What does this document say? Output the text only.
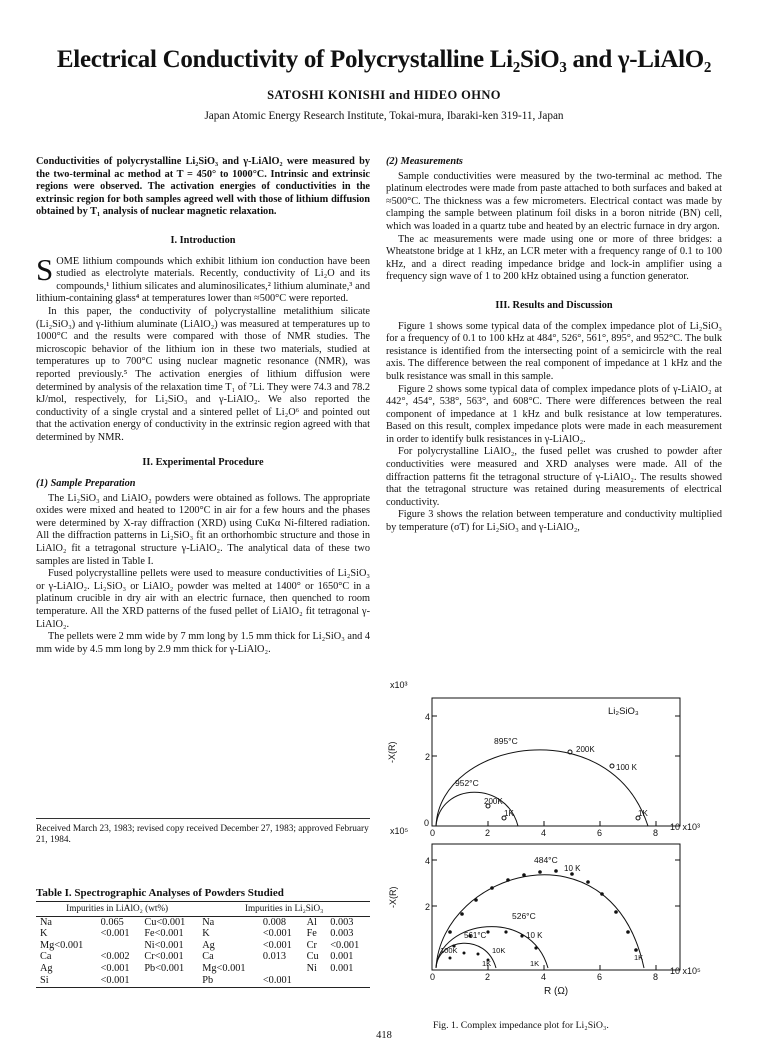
Electrical Conductivity of Polycrystalline Li₂SiO₃ and γ-LiAlO₂
SATOSHI KONISHI and HIDEO OHNO
Japan Atomic Energy Research Institute, Tokai-mura, Ibaraki-ken 319-11, Japan
Conductivities of polycrystalline Li₂SiO₃ and γ-LiAlO₂ were measured by the two-terminal ac method at T = 450° to 1000°C. Intrinsic and extrinsic regions were observed. The activation energies of conductivities in the extrinsic region for both samples agreed well with those of lithium diffusion obtained by T₁ analysis of nuclear magnetic relaxation.
I. Introduction

SOME lithium compounds which exhibit lithium ion conduction have been studied as electrolyte materials. Recently, conductivity of Li₂O and its compounds,¹ lithium silicates and aluminosilicates,² lithium aluminate,³ and lithium-containing glass⁴ at temperatures lower than ≈500°C were reported.

In this paper, the conductivity of polycrystalline metalithium silicate (Li₂SiO₃) and γ-lithium aluminate (LiAlO₂) was measured at temperatures up to 1000°C and the results were compared with those of NMR studies. The microscopic behavior of the lithium ion in these two materials, studied at temperatures up to 700°C using nuclear magnetic resonance (NMR), was reported previously.⁵ The activation energies of lithium diffusion were determined by analysis of the relaxation time T₁ of ⁷Li. They were 74.3 and 78.2 kJ/mol, respectively, for Li₂SiO₃ and γ-LiAlO₂. We also reported the conductivity of a single crystal and a sintered pellet of Li₂O⁶ and pointed out that the activation energy of conductivity in the extrinsic region agreed with that determined by NMR.

II. Experimental Procedure
(1) Sample Preparation

The Li₂SiO₃ and LiAlO₂ powders were obtained as follows. The appropriate oxides were mixed and heated to 1200°C in air for a few hours and the phases were determined by X-ray diffraction (XRD) using CuKα Ni-filtered radiation. All the diffraction patterns in Li₂SiO₃ fit an orthorhombic structure and those in LiAlO₂ fit a tetragonal structure γ-LiAlO₂. The analytical data of these two samples are listed in Table I.

Fused polycrystalline pellets were used to measure conductivities of Li₂SiO₃ or γ-LiAlO₂. Li₂SiO₃ or LiAlO₂ powder was melted at 1400° or 1650°C in a platinum crucible in dry air with an electric furnace, then quenched to room temperature. All the XRD patterns of the fused pellet of LiAlO₂ fit tetragonal γ-LiAlO₂.

The pellets were 2 mm wide by 7 mm long by 1.5 mm thick for Li₂SiO₃ and 4 mm wide by 4.5 mm long by 2.9 mm thick for γ-LiAlO₂.

Received March 23, 1983; revised copy received December 27, 1983; approved February 21, 1984.
Table I. Spectrographic Analyses of Powders Studied
Impurities in LiAlO₂ (wt%)			Impurities in Li₂SiO₃			
Na	0.065	Cu<0.001	Na	0.008	Al	0.003
K	<0.001	Fe<0.001	K	<0.001	Fe	0.003
Mg<0.001		Ni<0.001	Ag	<0.001	Cr	<0.001
Ca	<0.002	Cr<0.001	Ca	0.013	Cu	0.001
Ag	<0.001	Pb<0.001	Mg<0.001		Ni	0.001
Si	<0.001		Pb	<0.001		
(2) Measurements

Sample conductivities were measured by the two-terminal ac method. The platinum electrodes were made from paste attached to both surfaces and baked at ≈500°C. The thickness was a few micrometers. Electrical contact was made by clamping the sample between platinum foil disks in a boron nitride (BN) cell, which was loaded in a quartz tube and heated by an electric furnace in dry argon.

The ac measurements were made using one or more of three bridges: a Wheatstone bridge at 1 kHz, an LCR meter with a frequency range of 0.1 to 100 kHz, and a direct reading impedance bridge and lock-in amplifier using a frequency sign wave of 1 to 200 kHz obtained using a function generator.

III. Results and Discussion

Figure 1 shows some typical data of the complex impedance plot of Li₂SiO₃ for a frequency of 0.1 to 100 kHz at 484°, 526°, 561°, 895°, and 952°C. The bulk resistance is identified from the intersecting point of a semicircle with the real axis. The difference between the real component of impedance at 1 kHz and the bulk resistance was small in this sample.

Figure 2 shows some typical data of complex impedance plots of γ-LiAlO₂ at 442°, 454°, 538°, 563°, and 608°C. There were differences between the real component of impedance at 1 kHz and bulk resistance at low temperatures. Based on this result, complex impedance plots were made in each measurement in order to identify bulk resistances in γ-LiAlO₂.

For polycrystalline LiAlO₂, the fused pellet was crushed to powder after conductivities were measured and XRD analyses were made. All of the diffraction patterns fit the tetragonal structure of γ-LiAlO₂. The results showed that the tetragonal structure was retained during measurements of electrical conductivity.

Figure 3 shows the relation between temperature and conductivity multiplied by temperature (σT) for Li₂SiO₃ and γ-LiAlO₂,

x10³
10 x10³
-X(R)
Li₂SiO₃
4
2
0
0	2	4	6	8
895°C
200K
100 K
952°C
200K
1K	1K
x10⁵
10 x10⁵
-X(R)
R (Ω)
4
2
0	2	4	6	8
484°C
10 K
526°C
561°C	10 K
100K	10K
1K	1K
1K
Fig. 1. Complex impedance plot for Li₂SiO₃.
418
